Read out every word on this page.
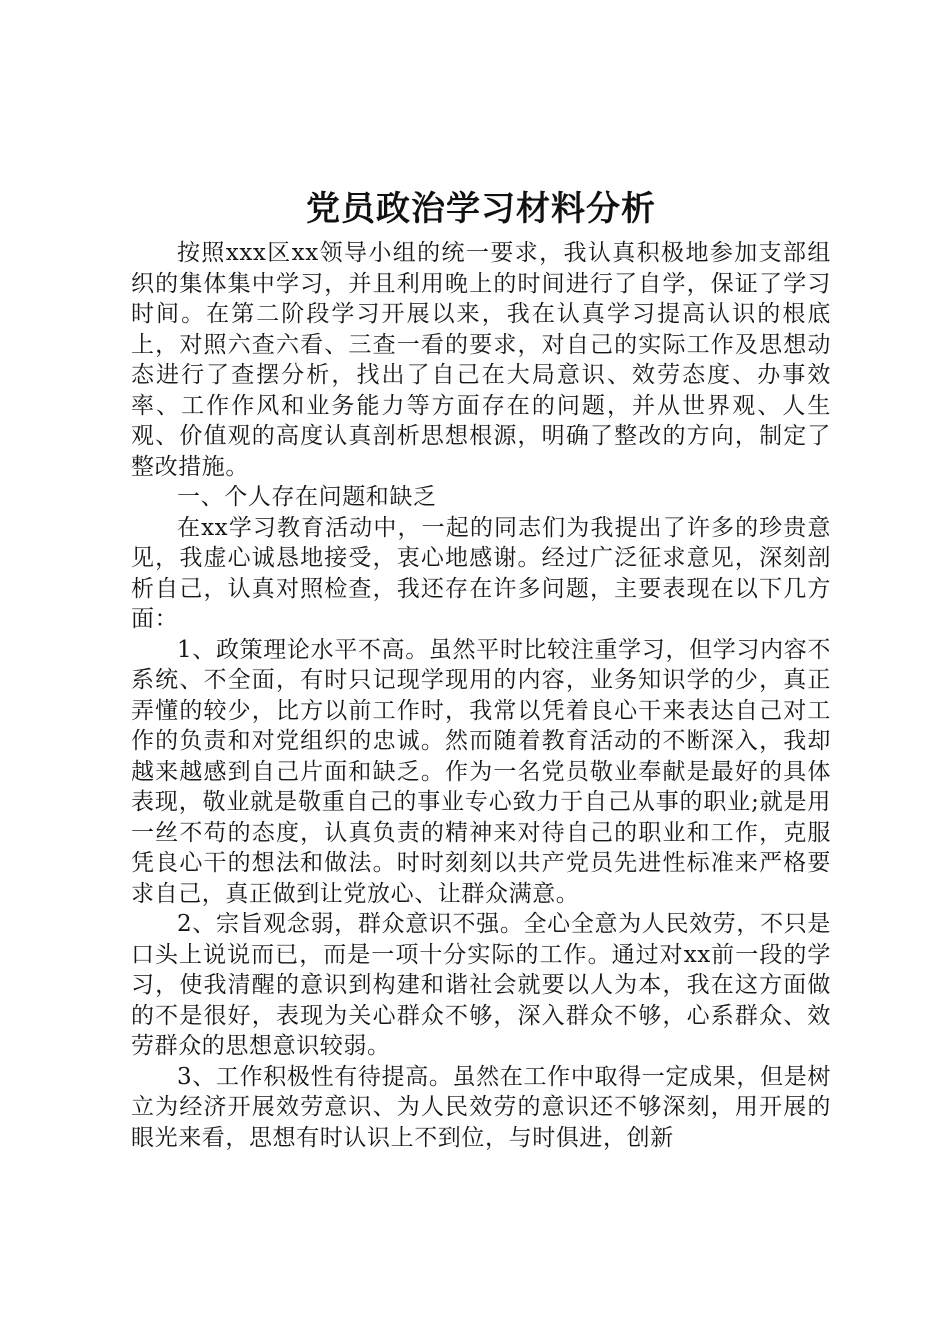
党员政治学习材料分析

按照xxx区xx领导小组的统一要求，我认真积极地参加支部组织的集体集中学习，并且利用晚上的时间进行了自学，保证了学习时间。在第二阶段学习开展以来，我在认真学习提高认识的根底上，对照六查六看、三查一看的要求，对自己的实际工作及思想动态进行了查摆分析，找出了自己在大局意识、效劳态度、办事效率、工作作风和业务能力等方面存在的问题，并从世界观、人生观、价值观的高度认真剖析思想根源，明确了整改的方向，制定了整改措施。

一、个人存在问题和缺乏

在xx学习教育活动中，一起的同志们为我提出了许多的珍贵意见，我虚心诚恳地接受，衷心地感谢。经过广泛征求意见，深刻剖析自己，认真对照检查，我还存在许多问题，主要表现在以下几方面：

1、政策理论水平不高。虽然平时比较注重学习，但学习内容不系统、不全面，有时只记现学现用的内容，业务知识学的少，真正弄懂的较少，比方以前工作时，我常以凭着良心干来表达自己对工作的负责和对党组织的忠诚。然而随着教育活动的不断深入，我却越来越感到自己片面和缺乏。作为一名党员敬业奉献是最好的具体表现，敬业就是敬重自己的事业专心致力于自己从事的职业;就是用一丝不苟的态度，认真负责的精神来对待自己的职业和工作，克服凭良心干的想法和做法。时时刻刻以共产党员先进性标准来严格要求自己，真正做到让党放心、让群众满意。

2、宗旨观念弱，群众意识不强。全心全意为人民效劳，不只是口头上说说而已，而是一项十分实际的工作。通过对xx前一段的学习，使我清醒的意识到构建和谐社会就要以人为本，我在这方面做的不是很好，表现为关心群众不够，深入群众不够，心系群众、效劳群众的思想意识较弱。

3、工作积极性有待提高。虽然在工作中取得一定成果，但是树立为经济开展效劳意识、为人民效劳的意识还不够深刻，用开展的眼光来看，思想有时认识上不到位，与时俱进，创新
